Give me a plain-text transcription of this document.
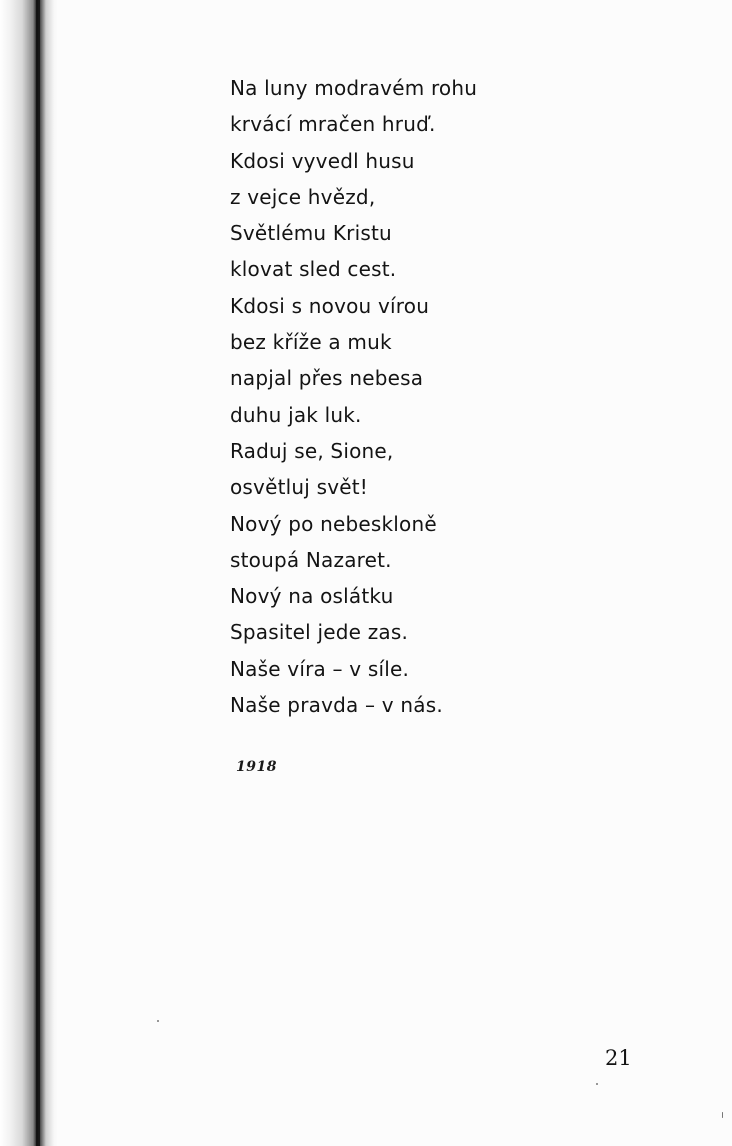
Na luny modravém rohu
krvácí mračen hruď.
Kdosi vyvedl husu
z vejce hvězd,
Světlému Kristu
klovat sled cest.
Kdosi s novou vírou
bez kříže a muk
napjal přes nebesa
duhu jak luk.
Raduj se, Sione,
osvětluj svět!
Nový po nebeskloně
stoupá Nazaret.
Nový na oslátku
Spasitel jede zas.
Naše víra – v síle.
Naše pravda – v nás.
1918
21
